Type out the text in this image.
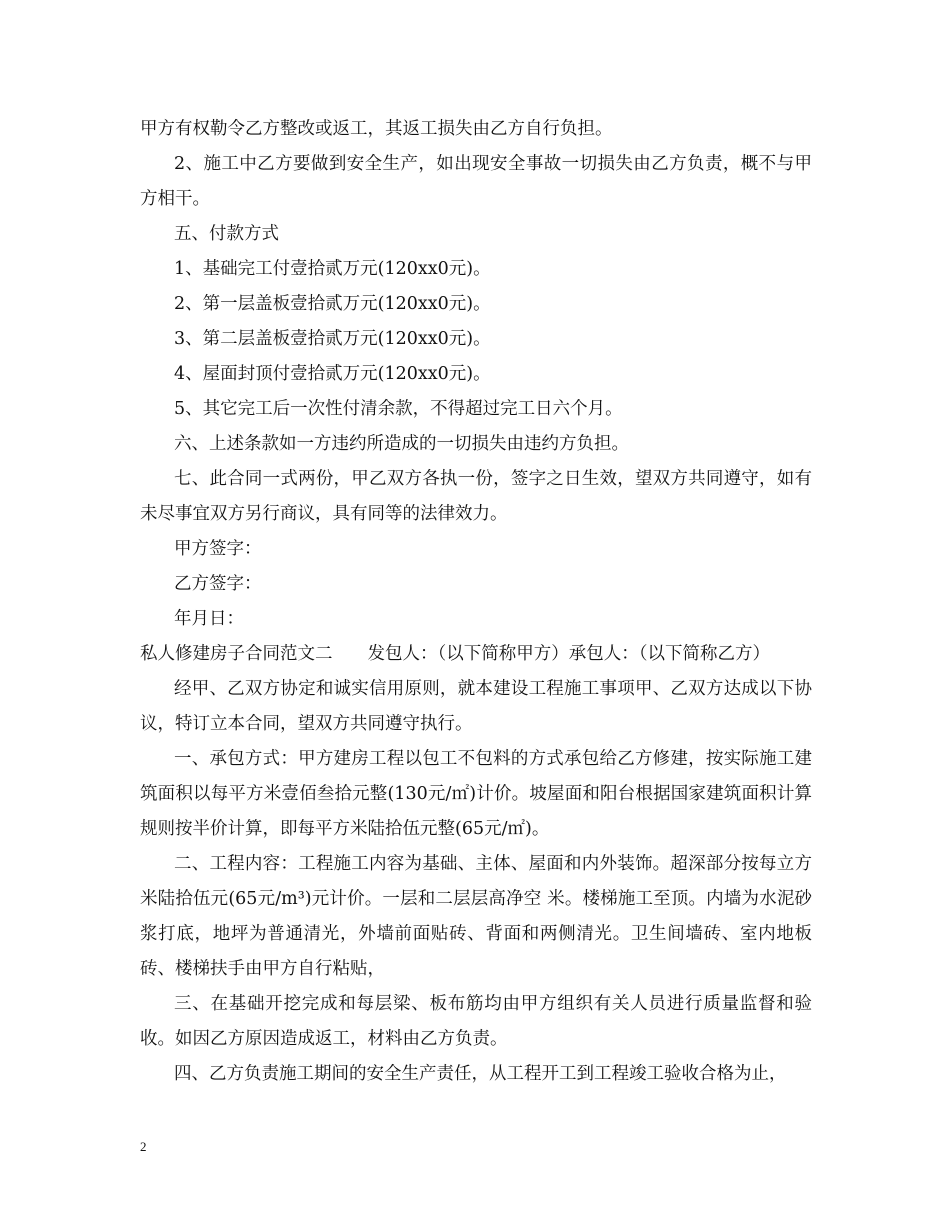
甲方有权勒令乙方整改或返工，其返工损失由乙方自行负担。

2、施工中乙方要做到安全生产，如出现安全事故一切损失由乙方负责，概不与甲方相干。

五、付款方式

1、基础完工付壹拾贰万元(120xx0元)。

2、第一层盖板壹拾贰万元(120xx0元)。

3、第二层盖板壹拾贰万元(120xx0元)。

4、屋面封顶付壹拾贰万元(120xx0元)。

5、其它完工后一次性付清余款，不得超过完工日六个月。

六、上述条款如一方违约所造成的一切损失由违约方负担。

七、此合同一式两份，甲乙双方各执一份，签字之日生效，望双方共同遵守，如有未尽事宜双方另行商议，具有同等的法律效力。

甲方签字：

乙方签字：

年月日：

私人修建房子合同范文二　　发包人：（以下简称甲方）承包人：（以下简称乙方）

经甲、乙双方协定和诚实信用原则，就本建设工程施工事项甲、乙双方达成以下协议，特订立本合同，望双方共同遵守执行。

一、承包方式：甲方建房工程以包工不包料的方式承包给乙方修建，按实际施工建筑面积以每平方米壹佰叁拾元整(130元/㎡)计价。坡屋面和阳台根据国家建筑面积计算规则按半价计算，即每平方米陆拾伍元整(65元/㎡)。

二、工程内容：工程施工内容为基础、主体、屋面和内外装饰。超深部分按每立方米陆拾伍元(65元/m³)元计价。一层和二层层高净空 米。楼梯施工至顶。内墙为水泥砂浆打底，地坪为普通清光，外墙前面贴砖、背面和两侧清光。卫生间墙砖、室内地板砖、楼梯扶手由甲方自行粘贴，

三、在基础开挖完成和每层梁、板布筋均由甲方组织有关人员进行质量监督和验收。如因乙方原因造成返工，材料由乙方负责。

四、乙方负责施工期间的安全生产责任，从工程开工到工程竣工验收合格为止，

2
